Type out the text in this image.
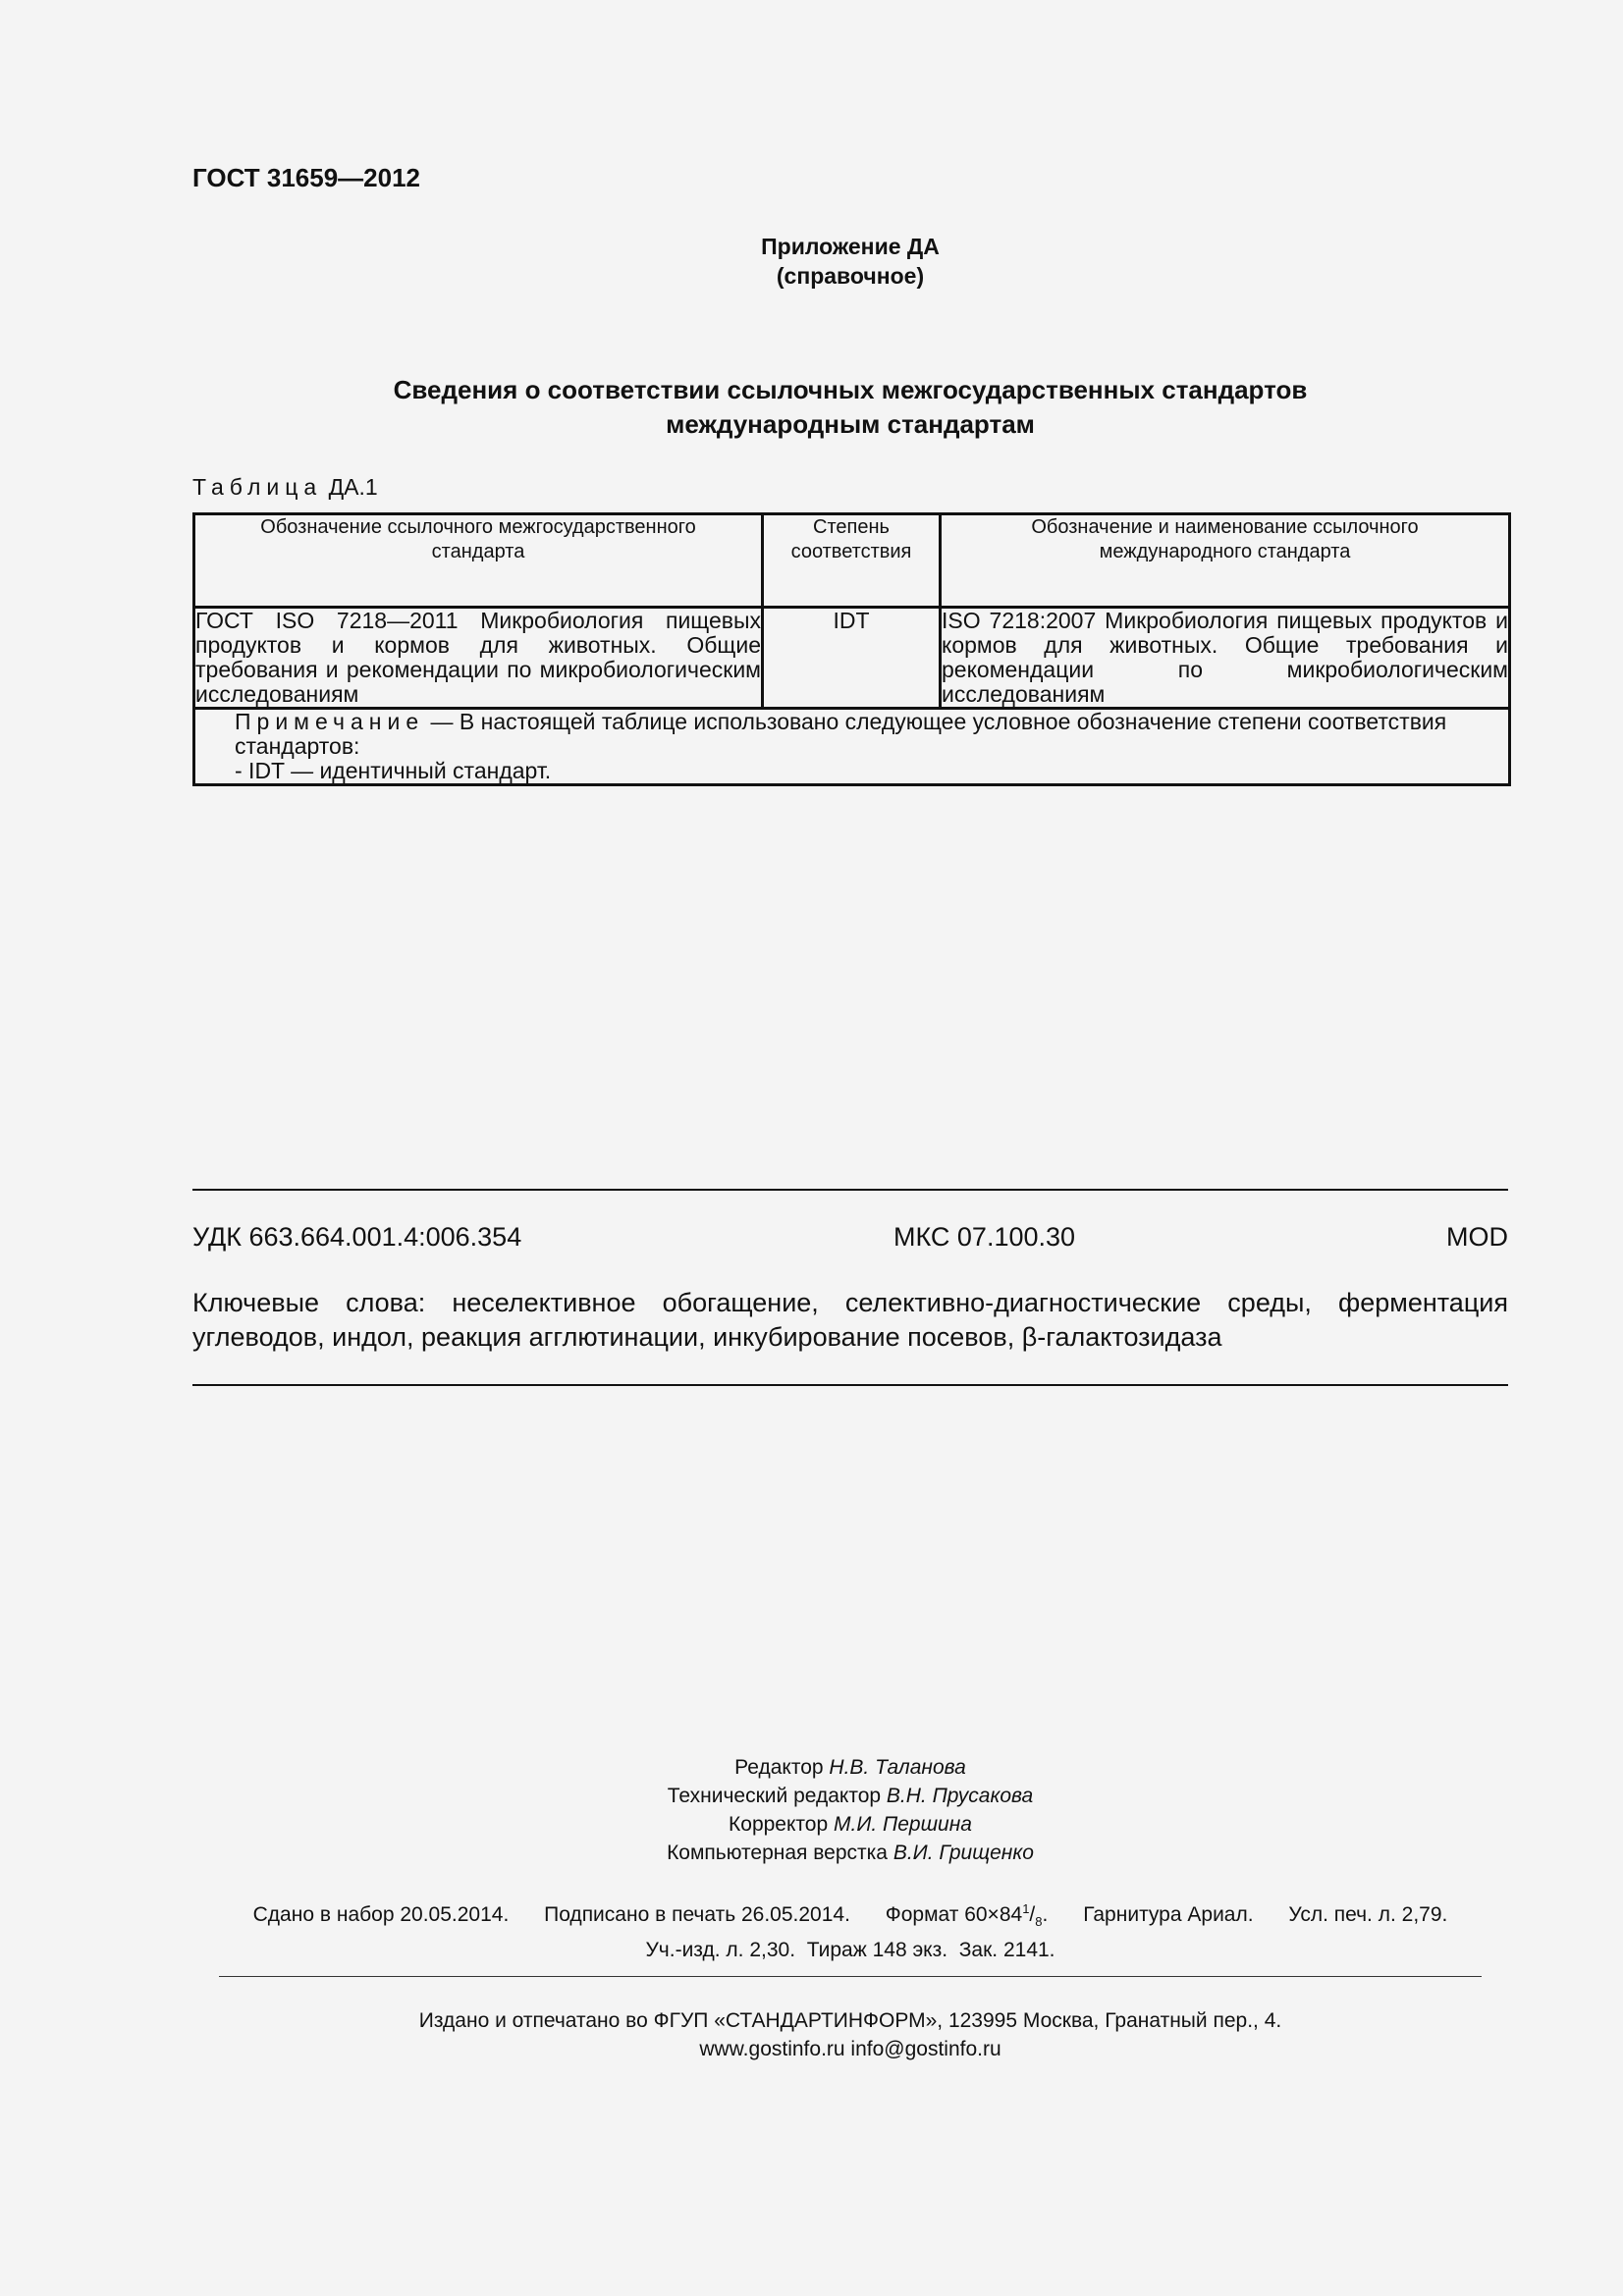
ГОСТ 31659—2012
Приложение ДА
(справочное)
Сведения о соответствии ссылочных межгосударственных стандартов
международным стандартам
Таблица ДА.1
Обозначение ссылочного межгосударственного стандарта	Степень соответствия	Обозначение и наименование ссылочного международного стандарта
ГОСТ ISO 7218—2011 Микробиология пищевых продуктов и кормов для животных. Общие требования и рекомендации по микробиологическим исследованиям	IDT	ISO 7218:2007 Микробиология пищевых продуктов и кормов для животных. Общие требования и рекомендации по микробиологическим исследованиям

Примечание — В настоящей таблице использовано следующее условное обозначение степени соответствия стандартов:
- IDT — идентичный стандарт.		
УДК 663.664.001.4:006.354	МКС 07.100.30	MOD
Ключевые слова: неселективное обогащение, селективно-диагностические среды, ферментация углеводов, индол, реакция агглютинации, инкубирование посевов, β-галактозидаза
Редактор Н.В. Таланова
Технический редактор В.Н. Прусакова
Корректор М.И. Першина
Компьютерная верстка В.И. Грищенко
Сдано в набор 20.05.2014. Подписано в печать 26.05.2014. Формат $60\times 84^1/_8$. Гарнитура Ариал. Усл. печ. л. 2,79.
Уч.-изд. л. 2,30. Тираж 148 экз. Зак. 2141.
Издано и отпечатано во ФГУП «СТАНДАРТИНФОРМ», 123995 Москва, Гранатный пер., 4.
www.gostinfo.ru info@gostinfo.ru
